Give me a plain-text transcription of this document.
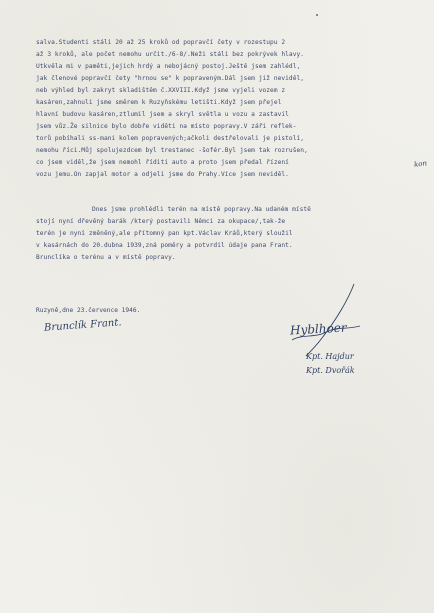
salva.Studenti stáli 20 až 25 kroků od popravčí čety v rozestupu 2
až 3 kroků, ale počet nemohu určit./6-8/.Neži stáli bez pokrývek hlavy.
Utkvěla mi v paměti,jejich hrdý a nebojácný postoj.Ještě jsem zahlédl,
jak členové popravčí čety "hrnou se" k popraveným.Dál jsem již neviděl,
neb výhled byl zakryt skladištěm č.XXVIII.Když jsme vyjeli vozem z
kasáren,zahnuli jsme směrem k Ruzyňskému letišti.Když jsem přejel
hlavní budovu kasáren,ztlumil jsem a skryl světla u vozu a zastavil
jsem vůz.Že silnice bylo dobře viděti na místo popravy.V záři reflek-
torů pobíhali ss-mani kolem popravených;ačkoli destřelovali je pistolí,
nemohu říci.Můj spolujezdcem byl trestanec -šofér.Byl jsem tak rozrušen,
co jsem viděl,že jsem nemohl říditi auto a proto jsem předal řízení
vozu jemu.On zapjal motor a odjeli jsme do Prahy.Více jsem neviděl.
kon
Dnes jsme prohlédli terén na místě popravy.Na udaném místě
stojí nyní dřevěný barák /který postavili Němci za okupace/,tak-že
terén je nyní změněný,ale přítomný pan kpt.Václav Kráů,který sloužil
v kasárnách do 20.dubna 1939,zná poměry a potvrdil údaje pana Frant.
Brunclíka o terénu a v místě popravy.
Ruzyně,dne 23.července 1946.
Brunclík Frant.	Hyblhoer
Kpt. Hajdur
Kpt. Dvořák
